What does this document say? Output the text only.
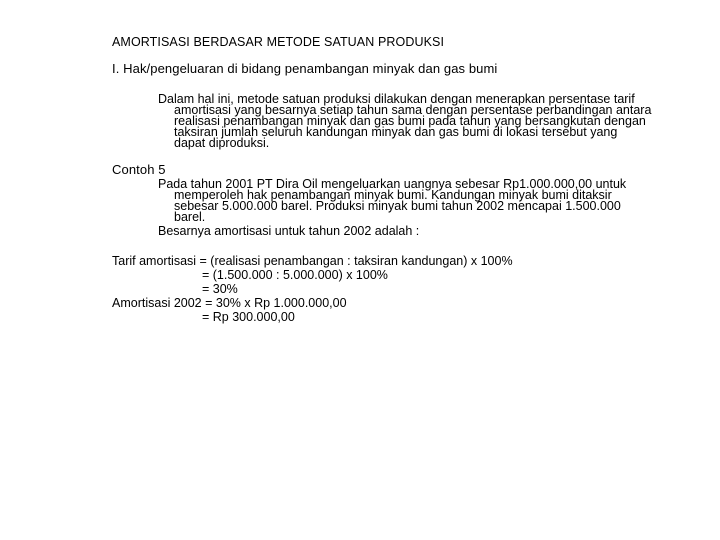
AMORTISASI BERDASAR METODE SATUAN PRODUKSI
I. Hak/pengeluaran di bidang penambangan minyak dan gas bumi
Dalam hal ini, metode satuan produksi dilakukan dengan menerapkan persentase tarif
amortisasi yang besarnya setiap tahun sama dengan persentase perbandingan antara
realisasi penambangan minyak dan gas bumi pada tahun yang bersangkutan dengan
taksiran jumlah seluruh kandungan minyak dan gas bumi di lokasi tersebut yang
dapat diproduksi.
Contoh 5
Pada tahun 2001 PT Dira Oil mengeluarkan uangnya sebesar Rp1.000.000,00 untuk
memperoleh hak penambangan minyak bumi. Kandungan minyak bumi ditaksir
sebesar 5.000.000 barel. Produksi minyak bumi tahun 2002 mencapai 1.500.000
barel.
Besarnya amortisasi untuk tahun 2002 adalah :
Tarif amortisasi = (realisasi penambangan : taksiran kandungan) x 100%
= (1.500.000 : 5.000.000) x 100%
= 30%
Amortisasi 2002 = 30% x Rp 1.000.000,00
= Rp 300.000,00
